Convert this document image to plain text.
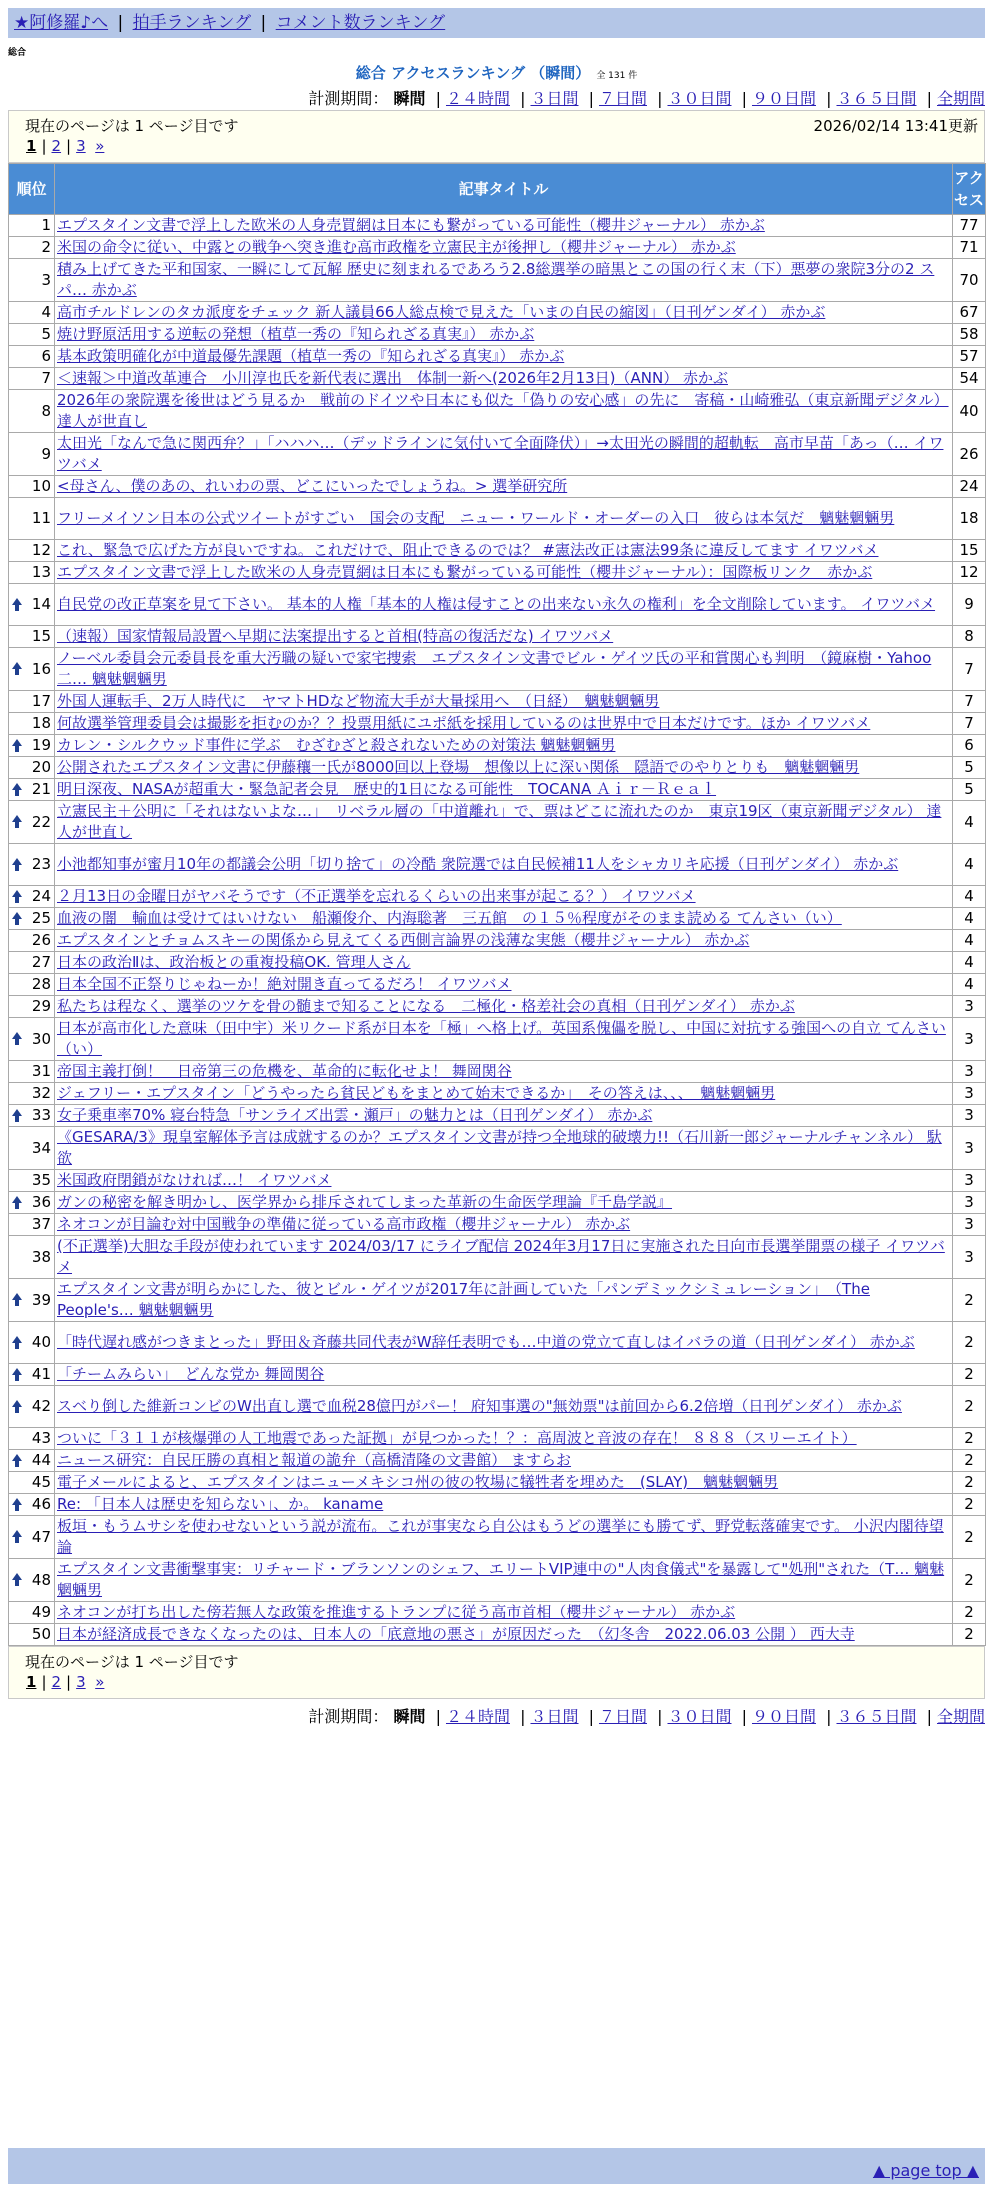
★阿修羅♪へ | 拍手ランキング | コメント数ランキング
総合
総合 アクセスランキング （瞬間） 全 131 件
計測期間： 瞬間 | ２４時間 | ３日間 | ７日間 | ３０日間 | ９０日間 | ３６５日間 | 全期間
現在のページは 1 ページ目です	2026/02/14 13:41更新
1 | 2 | 3 »
順位	記事タイトル	アクセス
1	エプスタイン文書で浮上した欧米の人身売買網は日本にも繋がっている可能性（櫻井ジャーナル） 赤かぶ	77
2	米国の命令に従い、中露との戦争へ突き進む高市政権を立憲民主が後押し（櫻井ジャーナル） 赤かぶ	71
3	積み上げてきた平和国家、一瞬にして瓦解 歴史に刻まれるであろう2.8総選挙の暗黒とこの国の行く末（下）悪夢の衆院3分の2 スパ… 赤かぶ	70
4	高市チルドレンのタカ派度をチェック 新人議員66人総点検で見えた「いまの自民の縮図」（日刊ゲンダイ） 赤かぶ	67
5	焼け野原活用する逆転の発想（植草一秀の『知られざる真実』） 赤かぶ	58
6	基本政策明確化が中道最優先課題（植草一秀の『知られざる真実』） 赤かぶ	57
7	＜速報＞中道改革連合　小川淳也氏を新代表に選出　体制一新へ(2026年2月13日)（ANN） 赤かぶ	54
8	2026年の衆院選を後世はどう見るか　戦前のドイツや日本にも似た「偽りの安心感」の先に　寄稿・山崎雅弘（東京新聞デジタル） 達人が世直し	40
9	太田光「なんで急に関西弁？」「ハハハ…（デッドラインに気付いて全面降伏）」→太田光の瞬間的超軌転　高市早苗「あっ（… イワツバメ	26
10	<母さん、僕のあの、れいわの票、どこにいったでしょうね。> 選挙研究所	24
11	フリーメイソン日本の公式ツイートがすごい　国会の支配　ニュー・ワールド・オーダーの入口　彼らは本気だ　魑魅魍魎男	18
12	これ、緊急で広げた方が良いですね。これだけで、阻止できるのでは？ #憲法改正は憲法99条に違反してます イワツバメ	15
13	エプスタイン文書で浮上した欧米の人身売買網は日本にも繋がっている可能性（櫻井ジャーナル）：国際板リンク　赤かぶ	12

14	自民党の改正草案を見て下さい。 基本的人権「基本的人権は侵すことの出来ない永久の権利」を全文削除しています。 イワツバメ	9
15	（速報）国家情報局設置へ早期に法案提出すると首相(特高の復活だな) イワツバメ	8

16	ノーベル委員会元委員長を重大汚職の疑いで家宅捜索　エプスタイン文書でビル・ゲイツ氏の平和賞関心も判明　（鏡麻樹・Yahoo二… 魑魅魍魎男	7
17	外国人運転手、2万人時代に　ヤマトHDなど物流大手が大量採用へ　（日経）　魑魅魍魎男	7
18	何故選挙管理委員会は撮影を拒むのか？？投票用紙にユポ紙を採用しているのは世界中で日本だけです。ほか イワツバメ	7

19	カレン・シルクウッド事件に学ぶ　むざむざと殺されないための対策法 魑魅魍魎男	6
20	公開されたエプスタイン文書に伊藤穰一氏が8000回以上登場　想像以上に深い関係　隠語でのやりとりも　魑魅魍魎男	5

21	明日深夜、NASAが超重大・緊急記者会見　歴史的1日になる可能性　TOCANA Ａｉｒ－Ｒｅａｌ	5

22	立憲民主＋公明に「それはないよな…」　リベラル層の「中道離れ」で、票はどこに流れたのか　東京19区（東京新聞デジタル） 達人が世直し	4

23	小池都知事が蜜月10年の都議会公明「切り捨て」の冷酷 衆院選では自民候補11人をシャカリキ応援（日刊ゲンダイ） 赤かぶ	4

24	２月13日の金曜日がヤバそうです（不正選挙を忘れるくらいの出来事が起こる？） イワツバメ	4

25	血液の闇　輸血は受けてはいけない　船瀬俊介、内海聡著　三五館　の１５％程度がそのまま読める てんさい（い）	4
26	エプスタインとチョムスキーの関係から見えてくる西側言論界の浅薄な実態（櫻井ジャーナル） 赤かぶ	4
27	日本の政治Ⅱは、政治板との重複投稿OK. 管理人さん	4
28	日本全国不正祭りじゃねーか！絶対開き直ってるだろ！ イワツバメ	4
29	私たちは程なく、選挙のツケを骨の髄まで知ることになる　二極化・格差社会の真相（日刊ゲンダイ） 赤かぶ	3

30	日本が高市化した意味（田中宇）米リクード系が日本を「極」へ格上げ。英国系傀儡を脱し、中国に対抗する強国への自立 てんさい（い）	3
31	帝国主義打倒！　日帝第三の危機を、革命的に転化せよ！ 舞岡関谷	3
32	ジェフリー・エプスタイン「どうやったら貧民どもをまとめて始末できるか」　その答えは、、、　魑魅魍魎男	3

33	女子乗車率70% 寝台特急「サンライズ出雲・瀬戸」の魅力とは（日刊ゲンダイ） 赤かぶ	3
34	《GESARA/3》現皇室解体予言は成就するのか？エプスタイン文書が持つ全地球的破壊力!!（石川新一郎ジャーナルチャンネル） 馱欲	3
35	米国政府閉鎖がなければ…！ イワツバメ	3

36	ガンの秘密を解き明かし、医学界から排斥されてしまった革新の生命医学理論『千島学説』	3
37	ネオコンが目論む対中国戦争の準備に従っている高市政権（櫻井ジャーナル） 赤かぶ	3
38	(不正選挙)大胆な手段が使われています 2024/03/17 にライブ配信 2024年3月17日に実施された日向市長選挙開票の様子 イワツバメ	3

39	エプスタイン文書が明らかにした、彼とビル・ゲイツが2017年に計画していた「パンデミックシミュレーション」　（The People's… 魑魅魍魎男	2

40	「時代遅れ感がつきまとった」野田＆斉藤共同代表がW辞任表明でも…中道の党立て直しはイバラの道（日刊ゲンダイ） 赤かぶ	2

41	「チームみらい」　どんな党か 舞岡関谷	2

42	スベり倒した維新コンビのW出直し選で血税28億円がパー！ 府知事選の"無効票"は前回から6.2倍増（日刊ゲンダイ） 赤かぶ	2
43	ついに「３１１が核爆弾の人工地震であった証拠」が見つかった！？：高周波と音波の存在！ ８８８（スリーエイト）	2

44	ニュース研究：自民圧勝の真相と報道の詭弁（高橋清隆の文書館） ますらお	2
45	電子メールによると、エプスタインはニューメキシコ州の彼の牧場に犠牲者を埋めた　(SLAY)　魑魅魍魎男	2

46	Re: 「日本人は歴史を知らない」、か。 kaname	2

47	板垣・もうムサシを使わせないという説が流布。これが事実なら自公はもうどの選挙にも勝てず、野党転落確実です。 小沢内閣待望論	2

48	エプスタイン文書衝撃事実：リチャード・ブランソンのシェフ、エリートVIP連中の"人肉食儀式"を暴露して"処刑"された（T… 魑魅魍魎男	2
49	ネオコンが打ち出した傍若無人な政策を推進するトランプに従う高市首相（櫻井ジャーナル） 赤かぶ	2
50	日本が経済成長できなくなったのは、日本人の「底意地の悪さ」が原因だった　（幻冬舎　2022.06.03 公開 ） 西大寺	2
現在のページは 1 ページ目です
1 | 2 | 3 »
計測期間： 瞬間 | ２４時間 | ３日間 | ７日間 | ３０日間 | ９０日間 | ３６５日間 | 全期間
▲ page top ▲
